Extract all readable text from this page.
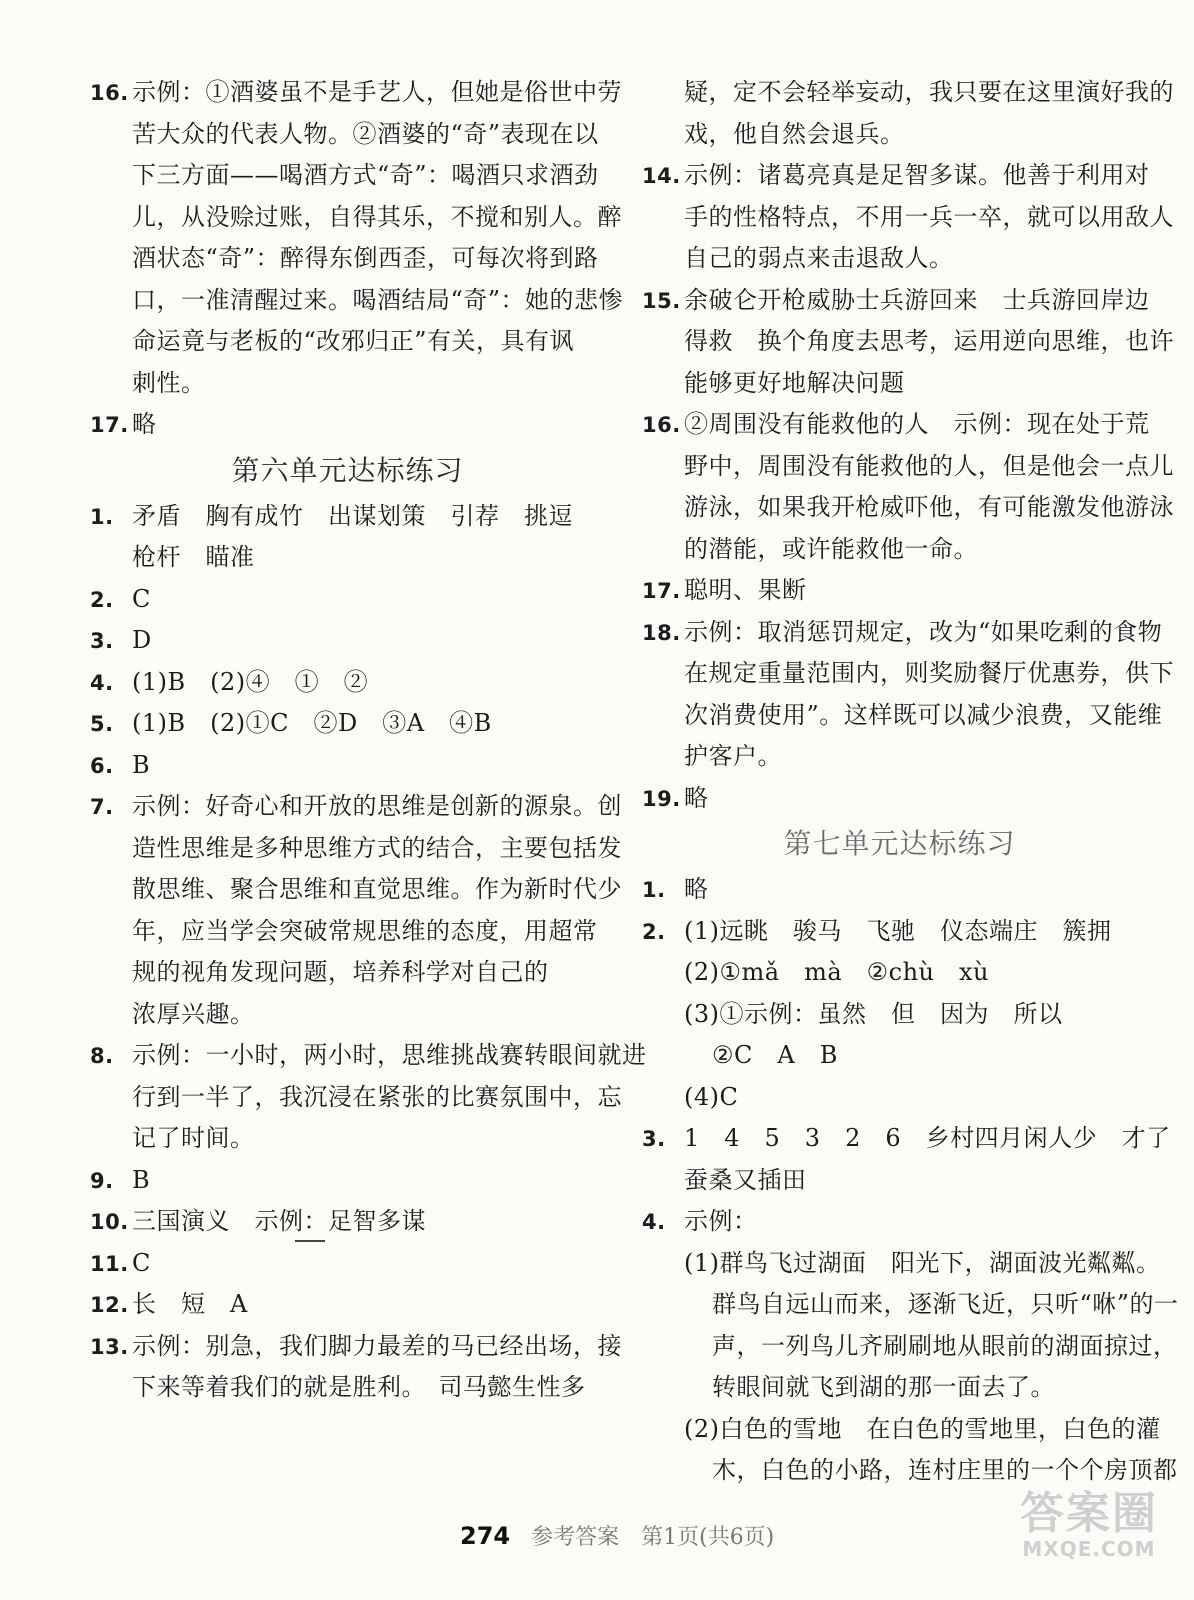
16. 示例：①酒婆虽不是手艺人，但她是俗世中劳
苦大众的代表人物。②酒婆的“奇”表现在以
下三方面——喝酒方式“奇”：喝酒只求酒劲
儿，从没赊过账，自得其乐，不搅和别人。醉
酒状态“奇”：醉得东倒西歪，可每次将到路
口，一准清醒过来。喝酒结局“奇”：她的悲惨
命运竟与老板的“改邪归正”有关，具有讽
刺性。
17. 略
第六单元达标练习
1. 矛盾　胸有成竹　出谋划策　引荐　挑逗
枪杆　瞄准
2. C
3. D
4. (1)B　(2)④　①　②
5. (1)B　(2)①C　②D　③A　④B
6. B
7. 示例：好奇心和开放的思维是创新的源泉。创
造性思维是多种思维方式的结合，主要包括发
散思维、聚合思维和直觉思维。作为新时代少
年，应当学会突破常规思维的态度，用超常
规的视角发现问题，培养科学对自己的
浓厚兴趣。
8. 示例：一小时，两小时，思维挑战赛转眼间就进
行到一半了，我沉浸在紧张的比赛氛围中，忘
记了时间。
9. B
10. 三国演义　示例：足智多谋
11. C
12. 长　短　A
13. 示例：别急，我们脚力最差的马已经出场，接
下来等着我们的就是胜利。　司马懿生性多
疑，定不会轻举妄动，我只要在这里演好我的
戏，他自然会退兵。
14. 示例：诸葛亮真是足智多谋。他善于利用对
手的性格特点，不用一兵一卒，就可以用敌人
自己的弱点来击退敌人。
15. 余破仑开枪威胁士兵游回来　士兵游回岸边
得救　换个角度去思考，运用逆向思维，也许
能够更好地解决问题
16. ②周围没有能救他的人　示例：现在处于荒
野中，周围没有能救他的人，但是他会一点儿
游泳，如果我开枪威吓他，有可能激发他游泳
的潜能，或许能救他一命。
17. 聪明、果断
18. 示例：取消惩罚规定，改为“如果吃剩的食物
在规定重量范围内，则奖励餐厅优惠券，供下
次消费使用”。这样既可以减少浪费，又能维
护客户。
19. 略
第七单元达标练习
1. 略
2. (1)远眺　骏马　飞驰　仪态端庄　簇拥
(2)①mǎ　mà　②chù　xù
(3)①示例：虽然　但　因为　所以
②C　A　B
(4)C
3. 1　4　5　3　2　6　乡村四月闲人少　才了
蚕桑又插田
4. 示例：
(1)群鸟飞过湖面　阳光下，湖面波光粼粼。
群鸟自远山而来，逐渐飞近，只听“咻”的一
声，一列鸟儿齐刷刷地从眼前的湖面掠过，
转眼间就飞到湖的那一面去了。
(2)白色的雪地　在白色的雪地里，白色的灌
木，白色的小路，连村庄里的一个个房顶都
274 参考答案　第1页(共6页)	答案圈
MXQE.COM
